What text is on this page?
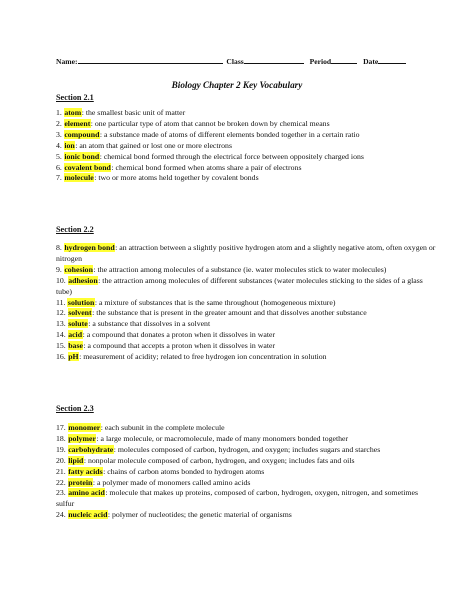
Name:	Class	Period	Date
Biology Chapter 2 Key Vocabulary
Section 2.1

1. atom: the smallest basic unit of matter

2. element: one particular type of atom that cannot be broken down by chemical means

3. compound: a substance made of atoms of different elements bonded together in a certain ratio

4. ion: an atom that gained or lost one or more electrons

5. ionic bond: chemical bond formed through the electrical force between oppositely charged ions

6. covalent bond: chemical bond formed when atoms share a pair of electrons

7. molecule: two or more atoms held together by covalent bonds

Section 2.2

8. hydrogen bond: an attraction between a slightly positive hydrogen atom and a slightly negative atom, often oxygen or nitrogen

9. cohesion: the attraction among molecules of a substance (ie. water molecules stick to water molecules)

10. adhesion: the attraction among molecules of different substances (water molecules sticking to the sides of a glass tube)

11. solution: a mixture of substances that is the same throughout (homogeneous mixture)

12. solvent: the substance that is present in the greater amount and that dissolves another substance

13. solute: a substance that dissolves in a solvent

14. acid: a compound that donates a proton when it dissolves in water

15. base: a compound that accepts a proton when it dissolves in water

16. pH: measurement of acidity; related to free hydrogen ion concentration in solution

Section 2.3

17. monomer: each subunit in the complete molecule

18. polymer: a large molecule, or macromolecule, made of many monomers bonded together

19. carbohydrate: molecules composed of carbon, hydrogen, and oxygen; includes sugars and starches

20. lipid: nonpolar molecule composed of carbon, hydrogen, and oxygen; includes fats and oils

21. fatty acids: chains of carbon atoms bonded to hydrogen atoms

22. protein: a polymer made of monomers called amino acids

23. amino acid: molecule that makes up proteins, composed of carbon, hydrogen, oxygen, nitrogen, and sometimes sulfur

24. nucleic acid: polymer of nucleotides; the genetic material of organisms
